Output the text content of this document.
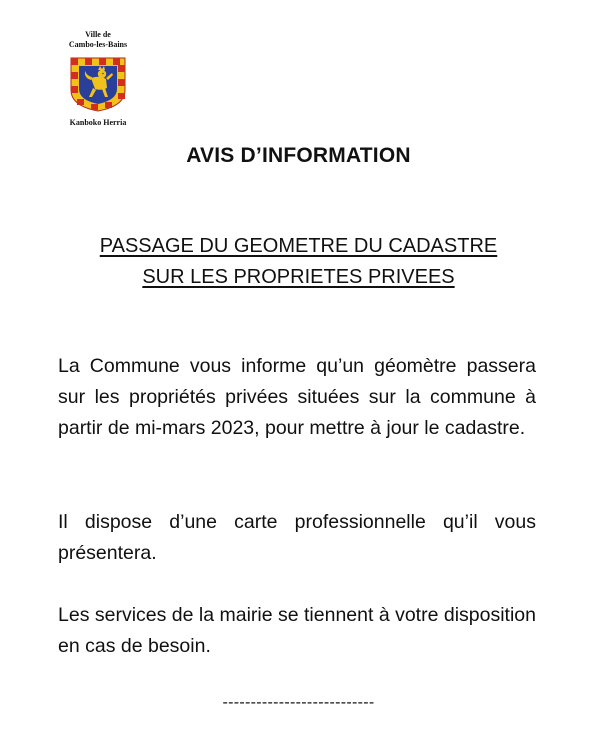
Ville de
Cambo-les-Bains
Kanboko Herria
AVIS D’INFORMATION
PASSAGE DU GEOMETRE DU CADASTRE
SUR LES PROPRIETES PRIVEES
La Commune vous informe qu’un géomètre passera sur les propriétés privées situées sur la commune à partir de mi-mars 2023, pour mettre à jour le cadastre.
Il dispose d’une carte professionnelle qu’il vous présentera.
Les services de la mairie se tiennent à votre disposition en cas de besoin.
---------------------------
